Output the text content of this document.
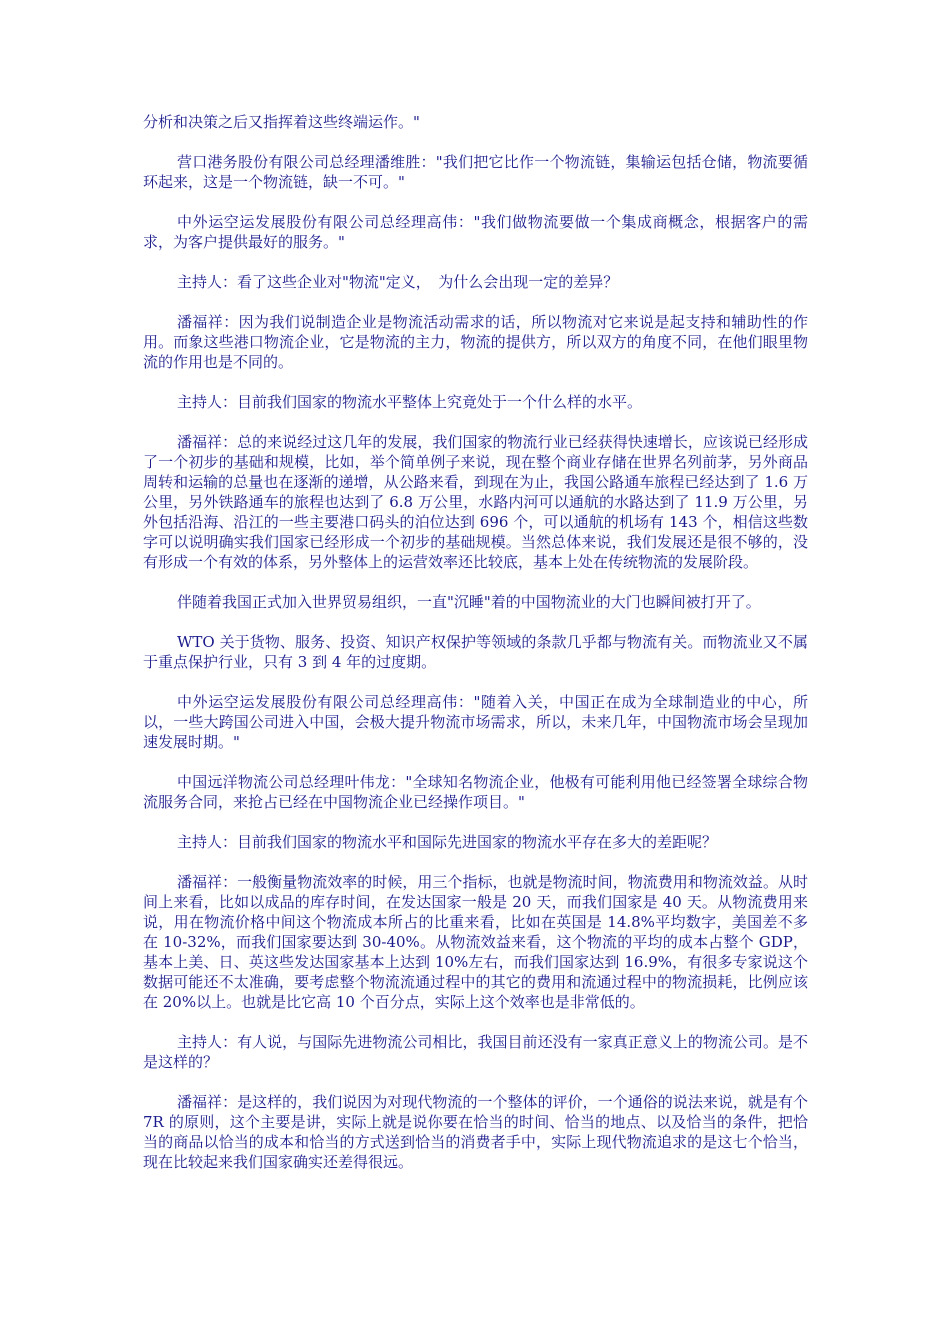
分析和决策之后又指挥着这些终端运作。"

营口港务股份有限公司总经理潘维胜："我们把它比作一个物流链，集输运包括仓储，物流要循环起来，这是一个物流链，缺一不可。"

中外运空运发展股份有限公司总经理高伟："我们做物流要做一个集成商概念，根据客户的需求，为客户提供最好的服务。"

主持人：看了这些企业对"物流"定义，　为什么会出现一定的差异？

潘福祥：因为我们说制造企业是物流活动需求的话，所以物流对它来说是起支持和辅助性的作用。而象这些港口物流企业，它是物流的主力，物流的提供方，所以双方的角度不同，在他们眼里物流的作用也是不同的。

主持人：目前我们国家的物流水平整体上究竟处于一个什么样的水平。

潘福祥：总的来说经过这几年的发展，我们国家的物流行业已经获得快速增长，应该说已经形成了一个初步的基础和规模，比如，举个简单例子来说，现在整个商业存储在世界名列前茅，另外商品周转和运输的总量也在逐渐的递增，从公路来看，到现在为止，我国公路通车旅程已经达到了 1.6 万公里，另外铁路通车的旅程也达到了 6.8 万公里，水路内河可以通航的水路达到了 11.9 万公里，另外包括沿海、沿江的一些主要港口码头的泊位达到 696 个，可以通航的机场有 143 个，相信这些数字可以说明确实我们国家已经形成一个初步的基础规模。当然总体来说，我们发展还是很不够的，没有形成一个有效的体系，另外整体上的运营效率还比较底，基本上处在传统物流的发展阶段。

伴随着我国正式加入世界贸易组织，一直"沉睡"着的中国物流业的大门也瞬间被打开了。

WTO 关于货物、服务、投资、知识产权保护等领域的条款几乎都与物流有关。而物流业又不属于重点保护行业，只有 3 到 4 年的过度期。

中外运空运发展股份有限公司总经理高伟："随着入关，中国正在成为全球制造业的中心，所以，一些大跨国公司进入中国，会极大提升物流市场需求，所以，未来几年，中国物流市场会呈现加速发展时期。"

中国远洋物流公司总经理叶伟龙："全球知名物流企业，他极有可能利用他已经签署全球综合物流服务合同，来抢占已经在中国物流企业已经操作项目。"

主持人：目前我们国家的物流水平和国际先进国家的物流水平存在多大的差距呢？

潘福祥：一般衡量物流效率的时候，用三个指标，也就是物流时间，物流费用和物流效益。从时间上来看，比如以成品的库存时间，在发达国家一般是 20 天，而我们国家是 40 天。从物流费用来说，用在物流价格中间这个物流成本所占的比重来看，比如在英国是 14.8%平均数字，美国差不多在 10-32%，而我们国家要达到 30-40%。从物流效益来看，这个物流的平均的成本占整个 GDP，基本上美、日、英这些发达国家基本上达到 10%左右，而我们国家达到 16.9%，有很多专家说这个数据可能还不太准确，要考虑整个物流流通过程中的其它的费用和流通过程中的物流损耗，比例应该在 20%以上。也就是比它高 10 个百分点，实际上这个效率也是非常低的。

主持人：有人说，与国际先进物流公司相比，我国目前还没有一家真正意义上的物流公司。是不是这样的？

潘福祥：是这样的，我们说因为对现代物流的一个整体的评价，一个通俗的说法来说，就是有个 7R 的原则，这个主要是讲，实际上就是说你要在恰当的时间、恰当的地点、以及恰当的条件，把恰当的商品以恰当的成本和恰当的方式送到恰当的消费者手中，实际上现代物流追求的是这七个恰当，现在比较起来我们国家确实还差得很远。
